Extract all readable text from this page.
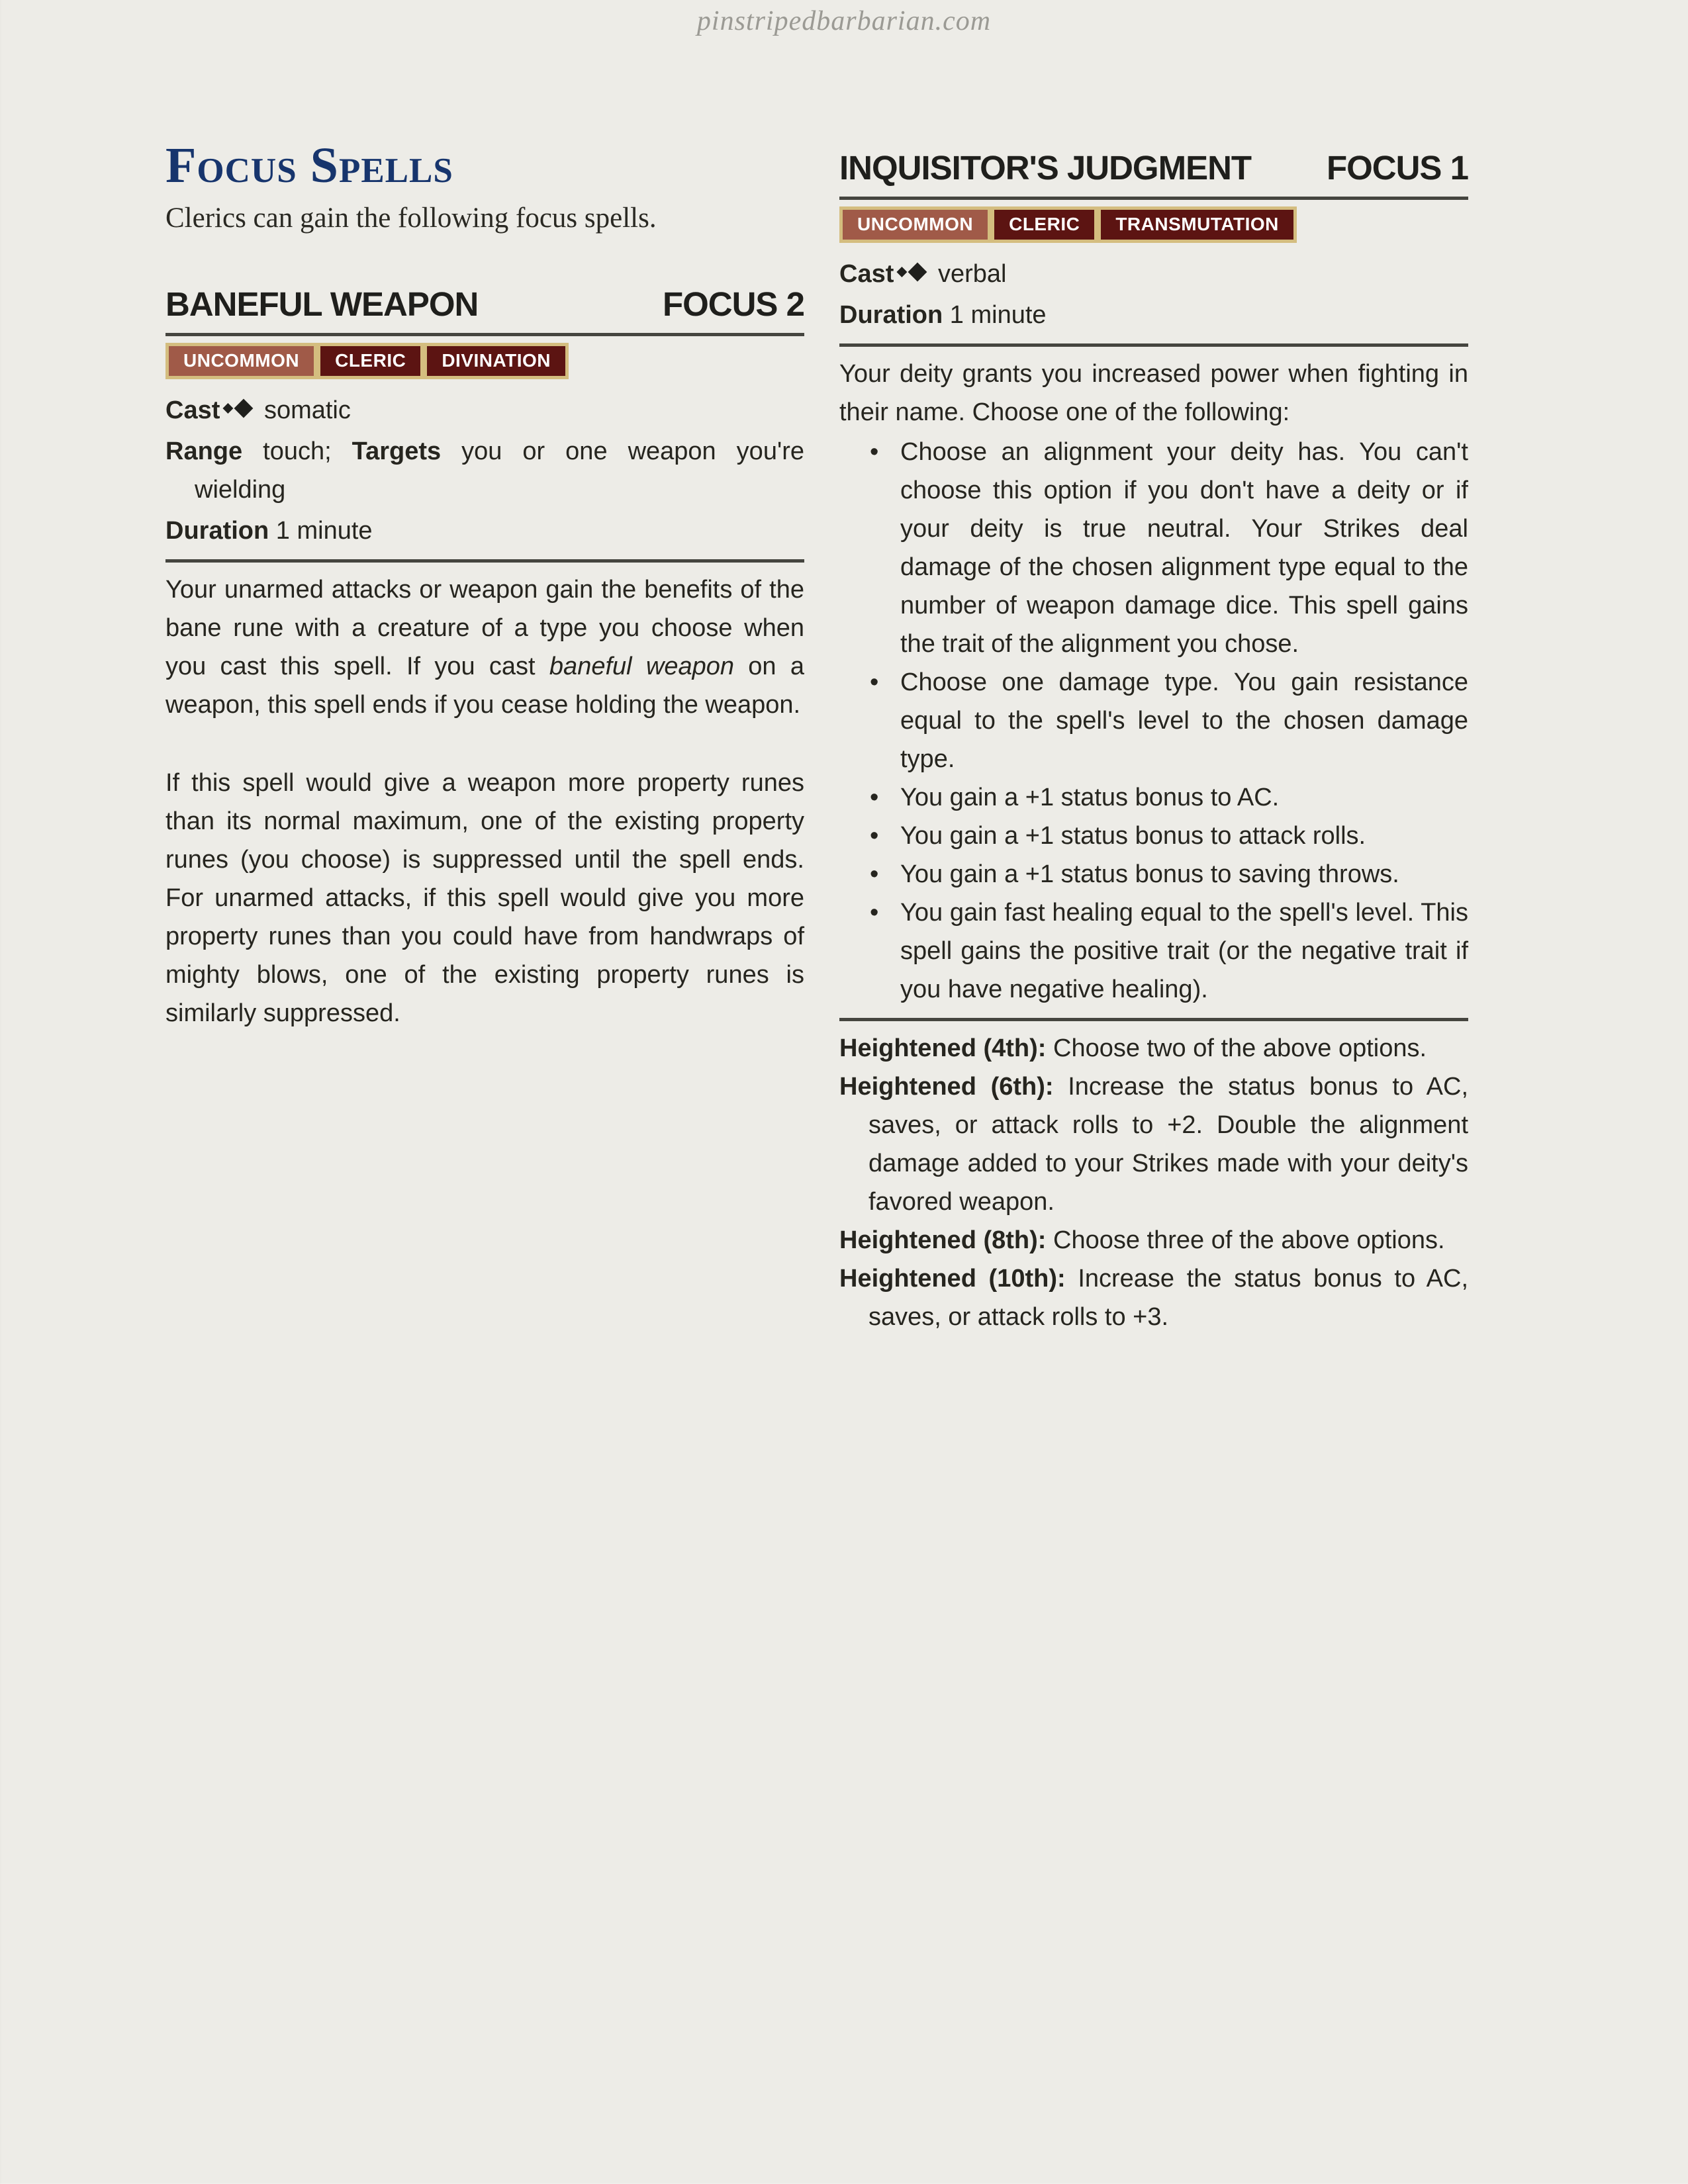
pinstripedbarbarian.com
Focus Spells

Clerics can gain the following focus spells.

BANEFUL WEAPON	FOCUS 2
UNCOMMON	CLERIC	DIVINATION
Cast somatic
Range touch; Targets you or one weapon you're wielding
Duration 1 minute

Your unarmed attacks or weapon gain the benefits of the bane rune with a creature of a type you choose when you cast this spell. If you cast baneful weapon on a weapon, this spell ends if you cease holding the weapon.

If this spell would give a weapon more property runes than its normal maximum, one of the existing property runes (you choose) is suppressed until the spell ends. For unarmed attacks, if this spell would give you more property runes than you could have from handwraps of mighty blows, one of the existing property runes is similarly suppressed.

INQUISITOR'S JUDGMENT FOCUS 1
UNCOMMON	CLERIC	TRANSMUTATION
Cast verbal
Duration 1 minute

Your deity grants you increased power when fighting in their name. Choose one of the following:

• Choose an alignment your deity has. You can't choose this option if you don't have a deity or if your deity is true neutral. Your Strikes deal damage of the chosen alignment type equal to the number of weapon damage dice. This spell gains the trait of the alignment you chose.
• Choose one damage type. You gain resistance equal to the spell's level to the chosen damage type.
• You gain a +1 status bonus to AC.
• You gain a +1 status bonus to attack rolls.
• You gain a +1 status bonus to saving throws.
• You gain fast healing equal to the spell's level. This spell gains the positive trait (or the negative trait if you have negative healing).

Heightened (4th): Choose two of the above options.

Heightened (6th): Increase the status bonus to AC, saves, or attack rolls to +2. Double the alignment damage added to your Strikes made with your deity's favored weapon.

Heightened (8th): Choose three of the above options.

Heightened (10th): Increase the status bonus to AC, saves, or attack rolls to +3.
